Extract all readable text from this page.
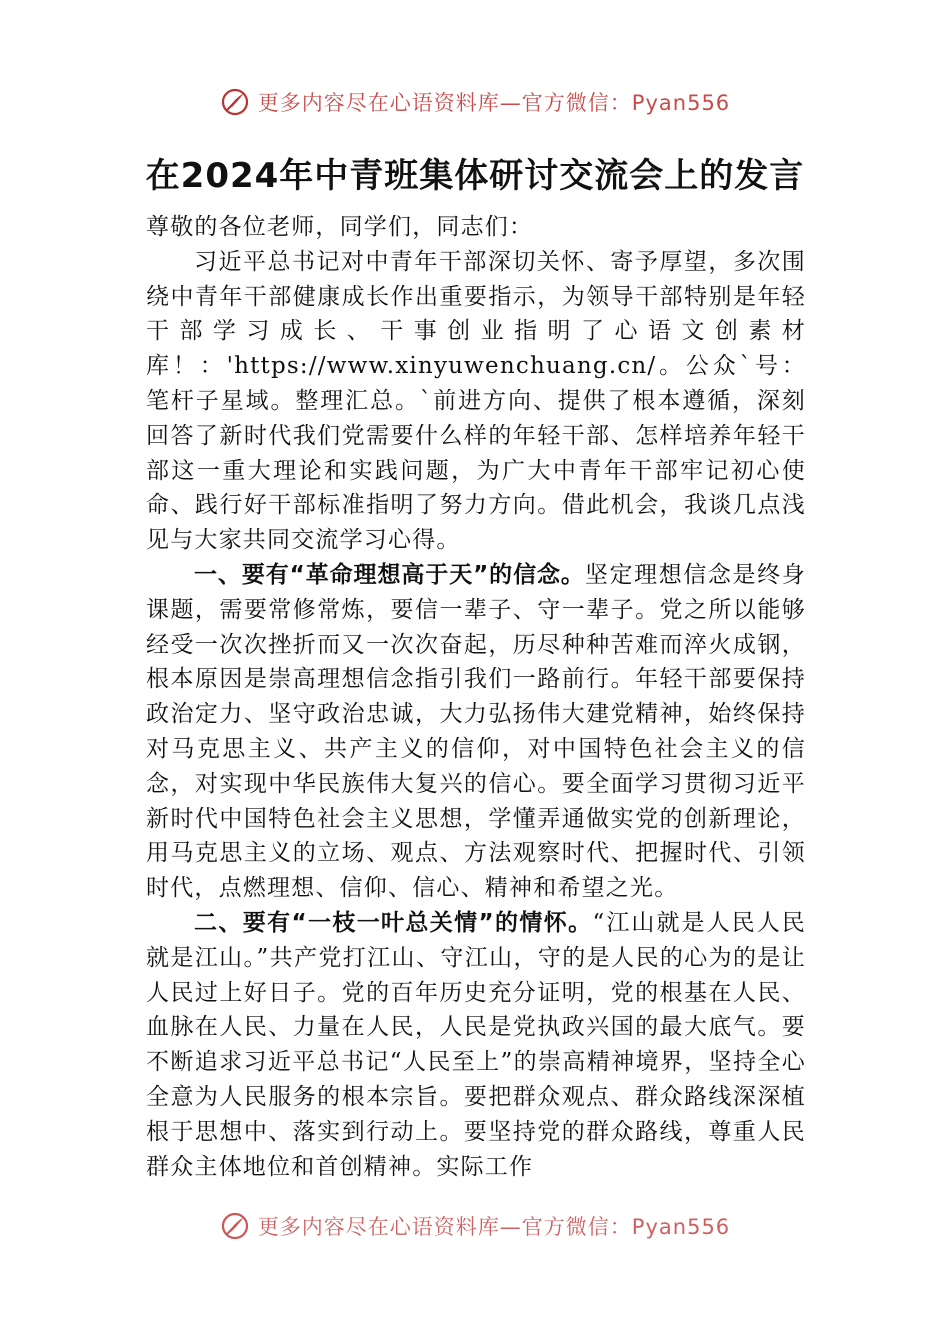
更多内容尽在心语资料库—官方微信：Pyan556
在2024年中青班集体研讨交流会上的发言

尊敬的各位老师，同学们，同志们：

习近平总书记对中青年干部深切关怀、寄予厚望，多次围绕中青年干部健康成长作出重要指示，为领导干部特别是年轻干部学习成长、干事创业指明了心语文创素材库！：'https://www.xinyuwenchuang.cn/。公众`号：笔杆子星域。整理汇总。`前进方向、提供了根本遵循，深刻回答了新时代我们党需要什么样的年轻干部、怎样培养年轻干部这一重大理论和实践问题，为广大中青年干部牢记初心使命、践行好干部标准指明了努力方向。借此机会，我谈几点浅见与大家共同交流学习心得。

一、要有“革命理想高于天”的信念。坚定理想信念是终身课题，需要常修常炼，要信一辈子、守一辈子。党之所以能够经受一次次挫折而又一次次奋起，历尽种种苦难而淬火成钢，根本原因是崇高理想信念指引我们一路前行。年轻干部要保持政治定力、坚守政治忠诚，大力弘扬伟大建党精神，始终保持对马克思主义、共产主义的信仰，对中国特色社会主义的信念，对实现中华民族伟大复兴的信心。要全面学习贯彻习近平新时代中国特色社会主义思想，学懂弄通做实党的创新理论，用马克思主义的立场、观点、方法观察时代、把握时代、引领时代，点燃理想、信仰、信心、精神和希望之光。

二、要有“一枝一叶总关情”的情怀。“江山就是人民人民就是江山。”共产党打江山、守江山，守的是人民的心为的是让人民过上好日子。党的百年历史充分证明，党的根基在人民、血脉在人民、力量在人民，人民是党执政兴国的最大底气。要不断追求习近平总书记“人民至上”的崇高精神境界，坚持全心全意为人民服务的根本宗旨。要把群众观点、群众路线深深植根于思想中、落实到行动上。要坚持党的群众路线，尊重人民群众主体地位和首创精神。实际工作

更多内容尽在心语资料库—官方微信：Pyan556
